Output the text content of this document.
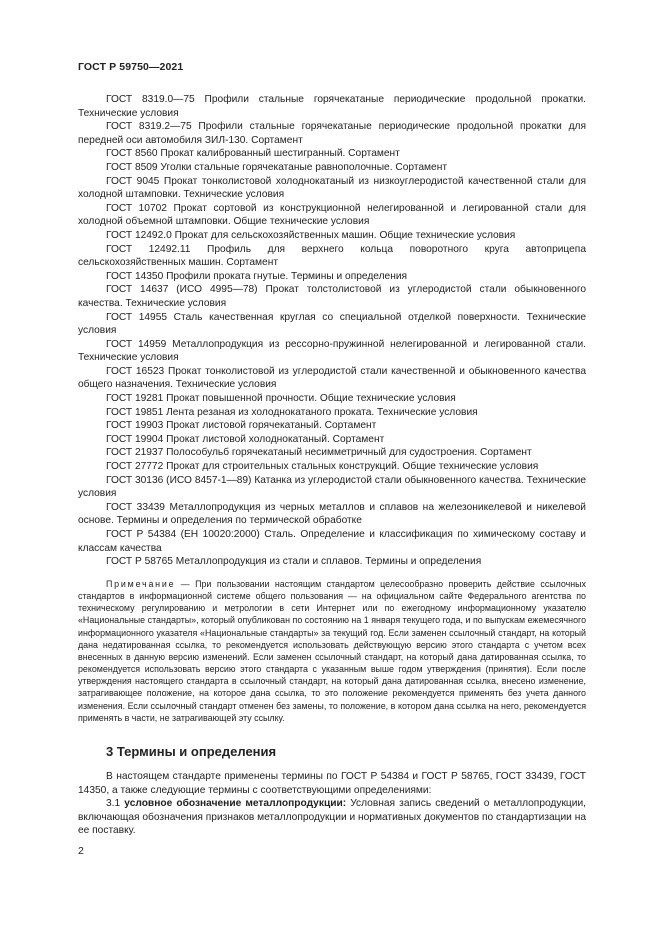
ГОСТ Р 59750—2021

ГОСТ 8319.0—75 Профили стальные горячекатаные периодические продольной прокатки. Технические условия

ГОСТ 8319.2—75 Профили стальные горячекатаные периодические продольной прокатки для передней оси автомобиля ЗИЛ-130. Сортамент

ГОСТ 8560 Прокат калиброванный шестигранный. Сортамент

ГОСТ 8509 Уголки стальные горячекатаные равнополочные. Сортамент

ГОСТ 9045 Прокат тонколистовой холоднокатаный из низкоуглеродистой качественной стали для холодной штамповки. Технические условия

ГОСТ 10702 Прокат сортовой из конструкционной нелегированной и легированной стали для холодной объемной штамповки. Общие технические условия

ГОСТ 12492.0 Прокат для сельскохозяйственных машин. Общие технические условия

ГОСТ 12492.11 Профиль для верхнего кольца поворотного круга автоприцепа сельскохозяйственных машин. Сортамент

ГОСТ 14350 Профили проката гнутые. Термины и определения

ГОСТ 14637 (ИСО 4995—78) Прокат толстолистовой из углеродистой стали обыкновенного качества. Технические условия

ГОСТ 14955 Сталь качественная круглая со специальной отделкой поверхности. Технические условия

ГОСТ 14959 Металлопродукция из рессорно-пружинной нелегированной и легированной стали. Технические условия

ГОСТ 16523 Прокат тонколистовой из углеродистой стали качественной и обыкновенного качества общего назначения. Технические условия

ГОСТ 19281 Прокат повышенной прочности. Общие технические условия

ГОСТ 19851 Лента резаная из холоднокатаного проката. Технические условия

ГОСТ 19903 Прокат листовой горячекатаный. Сортамент

ГОСТ 19904 Прокат листовой холоднокатаный. Сортамент

ГОСТ 21937 Полособульб горячекатаный несимметричный для судостроения. Сортамент

ГОСТ 27772 Прокат для строительных стальных конструкций. Общие технические условия

ГОСТ 30136 (ИСО 8457-1—89) Катанка из углеродистой стали обыкновенного качества. Технические условия

ГОСТ 33439 Металлопродукция из черных металлов и сплавов на железоникелевой и никелевой основе. Термины и определения по термической обработке

ГОСТ Р 54384 (ЕН 10020:2000) Сталь. Определение и классификация по химическому составу и классам качества

ГОСТ Р 58765 Металлопродукция из стали и сплавов. Термины и определения

Примечание — При пользовании настоящим стандартом целесообразно проверить действие ссылочных стандартов в информационной системе общего пользования — на официальном сайте Федерального агентства по техническому регулированию и метрологии в сети Интернет или по ежегодному информационному указателю «Национальные стандарты», который опубликован по состоянию на 1 января текущего года, и по выпускам ежемесячного информационного указателя «Национальные стандарты» за текущий год. Если заменен ссылочный стандарт, на который дана недатированная ссылка, то рекомендуется использовать действующую версию этого стандарта с учетом всех внесенных в данную версию изменений. Если заменен ссылочный стандарт, на который дана датированная ссылка, то рекомендуется использовать версию этого стандарта с указанным выше годом утверждения (принятия). Если после утверждения настоящего стандарта в ссылочный стандарт, на который дана датированная ссылка, внесено изменение, затрагивающее положение, на которое дана ссылка, то это положение рекомендуется применять без учета данного изменения. Если ссылочный стандарт отменен без замены, то положение, в котором дана ссылка на него, рекомендуется применять в части, не затрагивающей эту ссылку.

3 Термины и определения

В настоящем стандарте применены термины по ГОСТ Р 54384 и ГОСТ Р 58765, ГОСТ 33439, ГОСТ 14350, а также следующие термины с соответствующими определениями:

3.1 условное обозначение металлопродукции: Условная запись сведений о металлопродукции, включающая обозначения признаков металлопродукции и нормативных документов по стандартизации на ее поставку.

2
